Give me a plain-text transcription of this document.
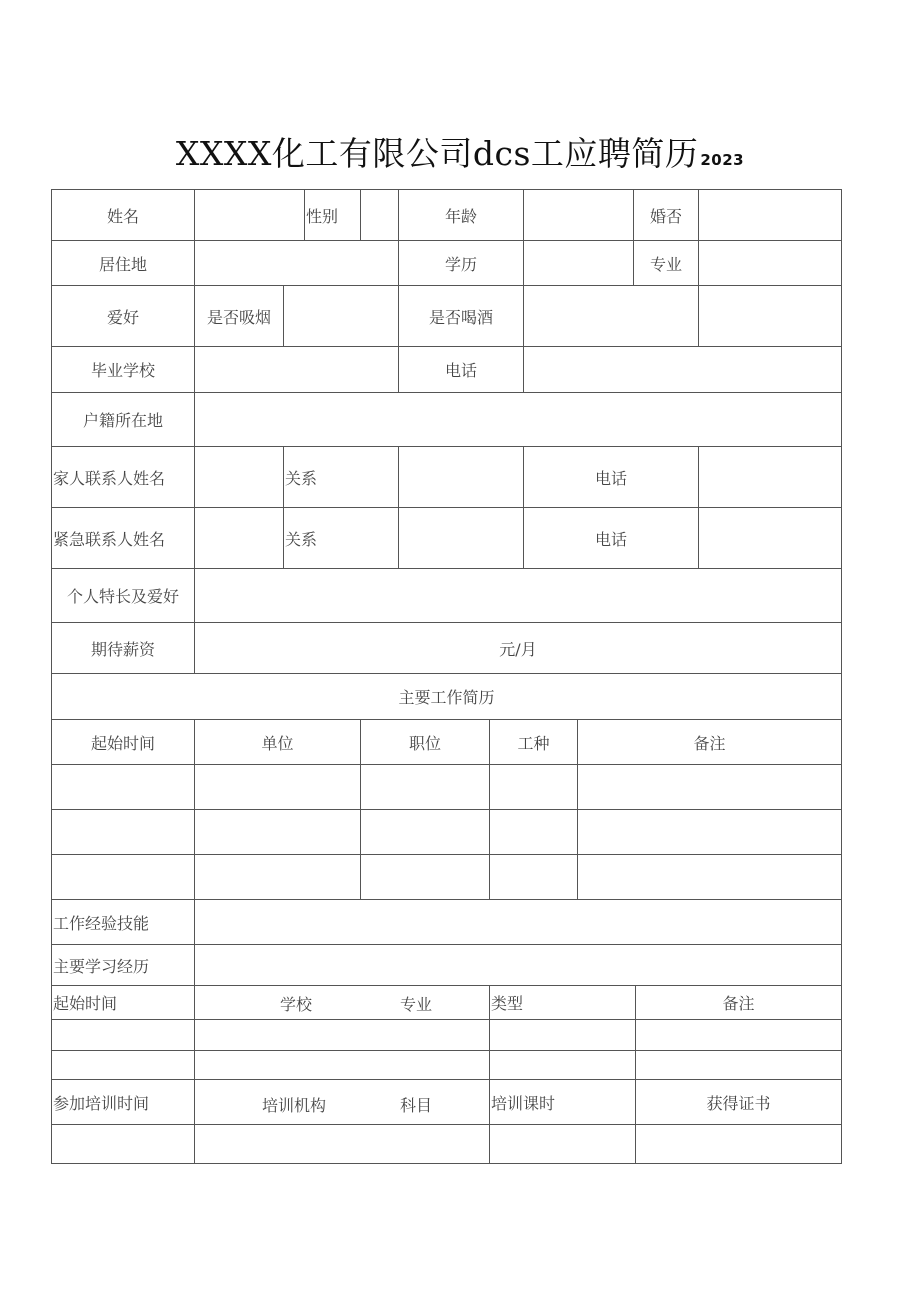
XXXX化工有限公司dcs工应聘简历 2023
姓名	性别	年龄	婚否
居住地	学历	专业
爱好	是否吸烟	是否喝酒
毕业学校	电话
户籍所在地
家人联系人姓名	关系	电话
紧急联系人姓名	关系	电话
个人特长及爱好
期待薪资	元/月
主要工作简历
起始时间	单位	职位	工种	备注
工作经验技能
主要学习经历
起始时间	学校	专业	类型	备注
参加培训时间	培训机构	科目	培训课时	获得证书
